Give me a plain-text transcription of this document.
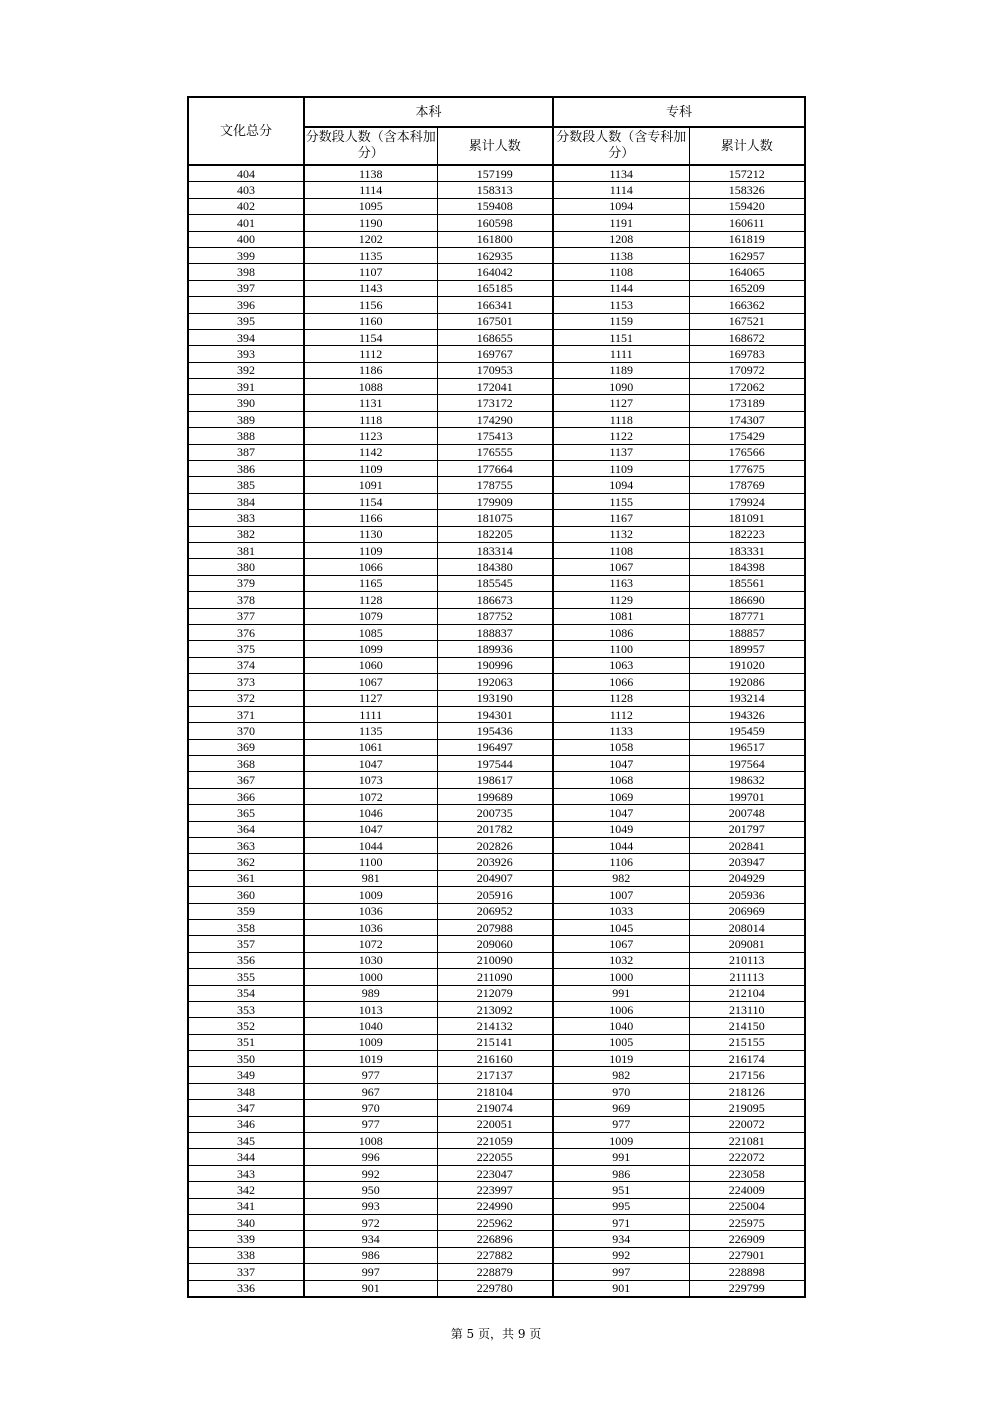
文化总分	本科		专科	
	分数段人数（含本科加分）	累计人数	分数段人数（含专科加分）	累计人数
404	1138	157199	1134	157212
403	1114	158313	1114	158326
402	1095	159408	1094	159420
401	1190	160598	1191	160611
400	1202	161800	1208	161819
399	1135	162935	1138	162957
398	1107	164042	1108	164065
397	1143	165185	1144	165209
396	1156	166341	1153	166362
395	1160	167501	1159	167521
394	1154	168655	1151	168672
393	1112	169767	1111	169783
392	1186	170953	1189	170972
391	1088	172041	1090	172062
390	1131	173172	1127	173189
389	1118	174290	1118	174307
388	1123	175413	1122	175429
387	1142	176555	1137	176566
386	1109	177664	1109	177675
385	1091	178755	1094	178769
384	1154	179909	1155	179924
383	1166	181075	1167	181091
382	1130	182205	1132	182223
381	1109	183314	1108	183331
380	1066	184380	1067	184398
379	1165	185545	1163	185561
378	1128	186673	1129	186690
377	1079	187752	1081	187771
376	1085	188837	1086	188857
375	1099	189936	1100	189957
374	1060	190996	1063	191020
373	1067	192063	1066	192086
372	1127	193190	1128	193214
371	1111	194301	1112	194326
370	1135	195436	1133	195459
369	1061	196497	1058	196517
368	1047	197544	1047	197564
367	1073	198617	1068	198632
366	1072	199689	1069	199701
365	1046	200735	1047	200748
364	1047	201782	1049	201797
363	1044	202826	1044	202841
362	1100	203926	1106	203947
361	981	204907	982	204929
360	1009	205916	1007	205936
359	1036	206952	1033	206969
358	1036	207988	1045	208014
357	1072	209060	1067	209081
356	1030	210090	1032	210113
355	1000	211090	1000	211113
354	989	212079	991	212104
353	1013	213092	1006	213110
352	1040	214132	1040	214150
351	1009	215141	1005	215155
350	1019	216160	1019	216174
349	977	217137	982	217156
348	967	218104	970	218126
347	970	219074	969	219095
346	977	220051	977	220072
345	1008	221059	1009	221081
344	996	222055	991	222072
343	992	223047	986	223058
342	950	223997	951	224009
341	993	224990	995	225004
340	972	225962	971	225975
339	934	226896	934	226909
338	986	227882	992	227901
337	997	228879	997	228898
336	901	229780	901	229799
第 5 页，共 9 页
